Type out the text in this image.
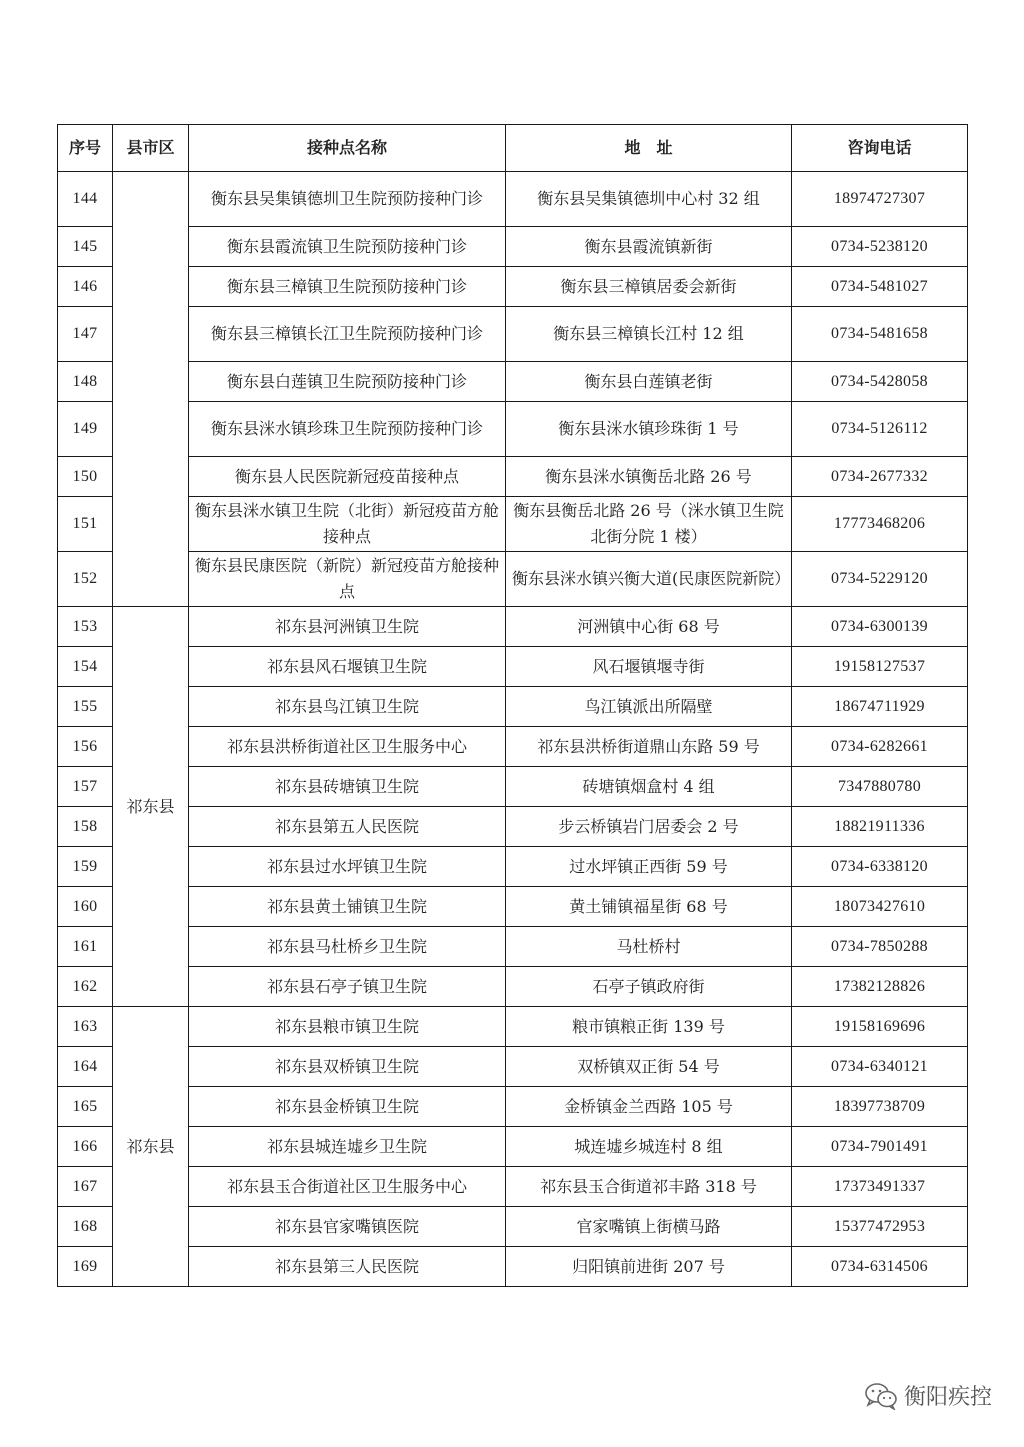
序号	县市区	接种点名称	地　址	咨询电话
144		衡东县吴集镇德圳卫生院预防接种门诊	衡东县吴集镇德圳中心村 32 组	18974727307
145		衡东县霞流镇卫生院预防接种门诊	衡东县霞流镇新街	0734-5238120
146		衡东县三樟镇卫生院预防接种门诊	衡东县三樟镇居委会新街	0734-5481027
147		衡东县三樟镇长江卫生院预防接种门诊	衡东县三樟镇长江村 12 组	0734-5481658
148		衡东县白莲镇卫生院预防接种门诊	衡东县白莲镇老街	0734-5428058
149		衡东县洣水镇珍珠卫生院预防接种门诊	衡东县洣水镇珍珠街 1 号	0734-5126112
150		衡东县人民医院新冠疫苗接种点	衡东县洣水镇衡岳北路 26 号	0734-2677332
151		衡东县洣水镇卫生院（北街）新冠疫苗方舱接种点	衡东县衡岳北路 26 号（洣水镇卫生院北街分院 1 楼）	17773468206
152		衡东县民康医院（新院）新冠疫苗方舱接种点	衡东县洣水镇兴衡大道(民康医院新院）	0734-5229120
153	祁东县	祁东县河洲镇卫生院	河洲镇中心街 68 号	0734-6300139
154		祁东县风石堰镇卫生院	风石堰镇堰寺街	19158127537
155		祁东县鸟江镇卫生院	鸟江镇派出所隔壁	18674711929
156		祁东县洪桥街道社区卫生服务中心	祁东县洪桥街道鼎山东路 59 号	0734-6282661
157		祁东县砖塘镇卫生院	砖塘镇烟盒村 4 组	7347880780
158		祁东县第五人民医院	步云桥镇岩门居委会 2 号	18821911336
159		祁东县过水坪镇卫生院	过水坪镇正西街 59 号	0734-6338120
160		祁东县黄土铺镇卫生院	黄土铺镇福星街 68 号	18073427610
161		祁东县马杜桥乡卫生院	马杜桥村	0734-7850288
162		祁东县石亭子镇卫生院	石亭子镇政府街	17382128826
163	祁东县	祁东县粮市镇卫生院	粮市镇粮正街 139 号	19158169696
164		祁东县双桥镇卫生院	双桥镇双正街 54 号	0734-6340121
165		祁东县金桥镇卫生院	金桥镇金兰西路 105 号	18397738709
166		祁东县城连墟乡卫生院	城连墟乡城连村 8 组	0734-7901491
167		祁东县玉合街道社区卫生服务中心	祁东县玉合街道祁丰路 318 号	17373491337
168		祁东县官家嘴镇医院	官家嘴镇上街横马路	15377472953
169		祁东县第三人民医院	归阳镇前进街 207 号	0734-6314506
衡阳疾控
